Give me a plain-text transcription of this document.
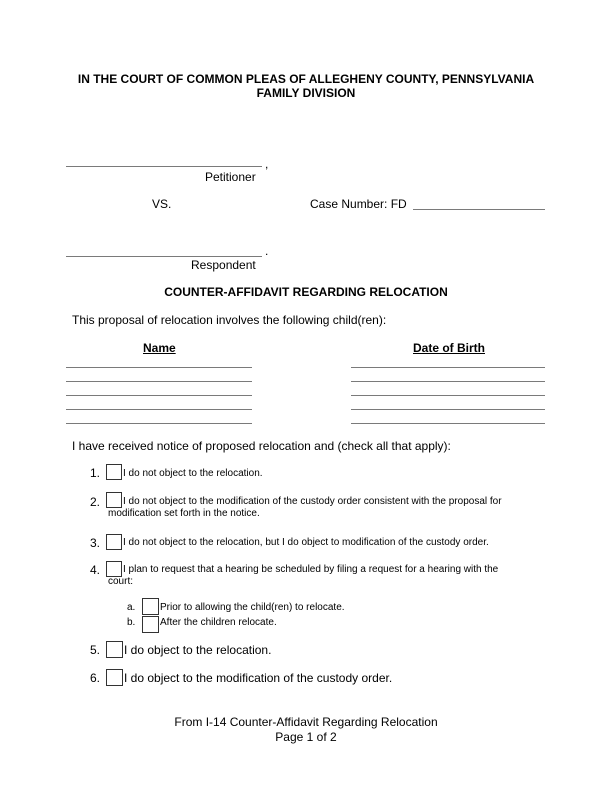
IN THE COURT OF COMMON PLEAS OF ALLEGHENY COUNTY, PENNSYLVANIA
FAMILY DIVISION
,
Petitioner
VS.	Case Number: FD
.
Respondent
COUNTER-AFFIDAVIT REGARDING RELOCATION
This proposal of relocation involves the following child(ren):
Name	Date of Birth
I have received notice of proposed relocation and (check all that apply):
1. I do not object to the relocation.
2. I do not object to the modification of the custody order consistent with the proposal for
modification set forth in the notice.
3. I do not object to the relocation, but I do object to modification of the custody order.
4. I plan to request that a hearing be scheduled by filing a request for a hearing with the
court:
a. Prior to allowing the child(ren) to relocate.
b. After the children relocate.
5. I do object to the relocation.
6. I do object to the modification of the custody order.
From I-14 Counter-Affidavit Regarding Relocation
Page 1 of 2
